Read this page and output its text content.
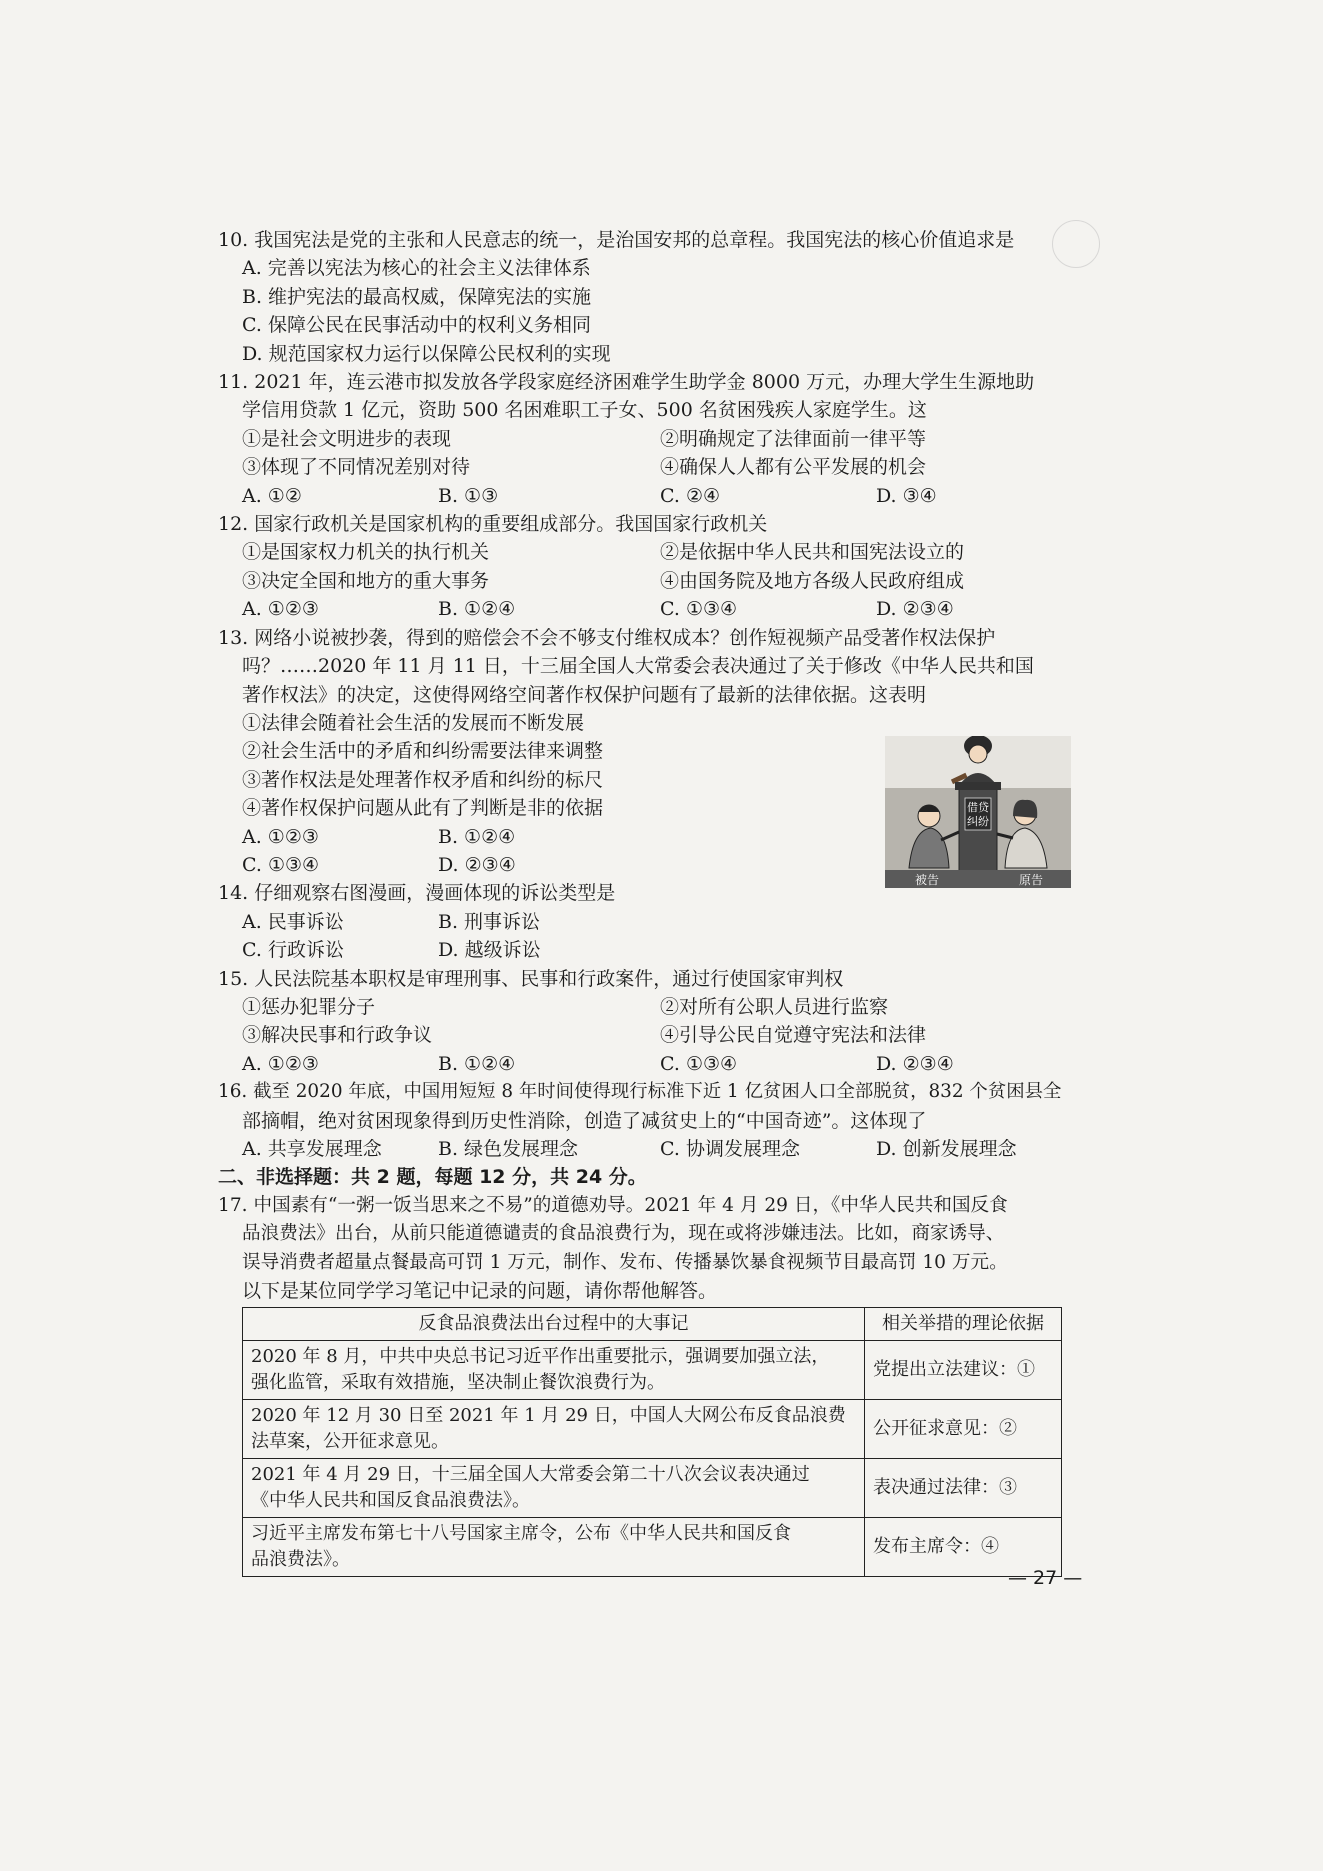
10. 我国宪法是党的主张和人民意志的统一，是治国安邦的总章程。我国宪法的核心价值追求是
A. 完善以宪法为核心的社会主义法律体系
B. 维护宪法的最高权威，保障宪法的实施
C. 保障公民在民事活动中的权利义务相同
D. 规范国家权力运行以保障公民权利的实现
11. 2021 年，连云港市拟发放各学段家庭经济困难学生助学金 8000 万元，办理大学生生源地助
学信用贷款 1 亿元，资助 500 名困难职工子女、500 名贫困残疾人家庭学生。这
①是社会文明进步的表现	②明确规定了法律面前一律平等
③体现了不同情况差别对待	④确保人人都有公平发展的机会
A. ①②	B. ①③	C. ②④	D. ③④
12. 国家行政机关是国家机构的重要组成部分。我国国家行政机关
①是国家权力机关的执行机关	②是依据中华人民共和国宪法设立的
③决定全国和地方的重大事务	④由国务院及地方各级人民政府组成
A. ①②③	B. ①②④	C. ①③④	D. ②③④
13. 网络小说被抄袭，得到的赔偿会不会不够支付维权成本？创作短视频产品受著作权法保护
吗？……2020 年 11 月 11 日，十三届全国人大常委会表决通过了关于修改《中华人民共和国
著作权法》的决定，这使得网络空间著作权保护问题有了最新的法律依据。这表明
①法律会随着社会生活的发展而不断发展
②社会生活中的矛盾和纠纷需要法律来调整
③著作权法是处理著作权矛盾和纠纷的标尺
④著作权保护问题从此有了判断是非的依据
A. ①②③	B. ①②④
C. ①③④	D. ②③④
14. 仔细观察右图漫画，漫画体现的诉讼类型是
A. 民事诉讼	B. 刑事诉讼
C. 行政诉讼	D. 越级诉讼
15. 人民法院基本职权是审理刑事、民事和行政案件，通过行使国家审判权
①惩办犯罪分子	②对所有公职人员进行监察
③解决民事和行政争议	④引导公民自觉遵守宪法和法律
A. ①②③	B. ①②④	C. ①③④	D. ②③④
16. 截至 2020 年底，中国用短短 8 年时间使得现行标准下近 1 亿贫困人口全部脱贫，832 个贫困县全
部摘帽，绝对贫困现象得到历史性消除，创造了减贫史上的“中国奇迹”。这体现了
A. 共享发展理念	B. 绿色发展理念	C. 协调发展理念	D. 创新发展理念
二、非选择题：共 2 题，每题 12 分，共 24 分。
17. 中国素有“一粥一饭当思来之不易”的道德劝导。2021 年 4 月 29 日，《中华人民共和国反食
品浪费法》出台，从前只能道德谴责的食品浪费行为，现在或将涉嫌违法。比如，商家诱导、
误导消费者超量点餐最高可罚 1 万元，制作、发布、传播暴饮暴食视频节目最高罚 10 万元。
以下是某位同学学习笔记中记录的问题，请你帮他解答。
反食品浪费法出台过程中的大事记	相关举措的理论依据

2020 年 8 月，中共中央总书记习近平作出重要批示，强调要加强立法，
强化监管，采取有效措施，坚决制止餐饮浪费行为。	党提出立法建议：①

2020 年 12 月 30 日至 2021 年 1 月 29 日，中国人大网公布反食品浪费
法草案，公开征求意见。	公开征求意见：②

2021 年 4 月 29 日，十三届全国人大常委会第二十八次会议表决通过
《中华人民共和国反食品浪费法》。	表决通过法律：③

习近平主席发布第七十八号国家主席令，公布《中华人民共和国反食
品浪费法》。	发布主席令：④
借贷
纠纷
被告	原告
— 27 —
